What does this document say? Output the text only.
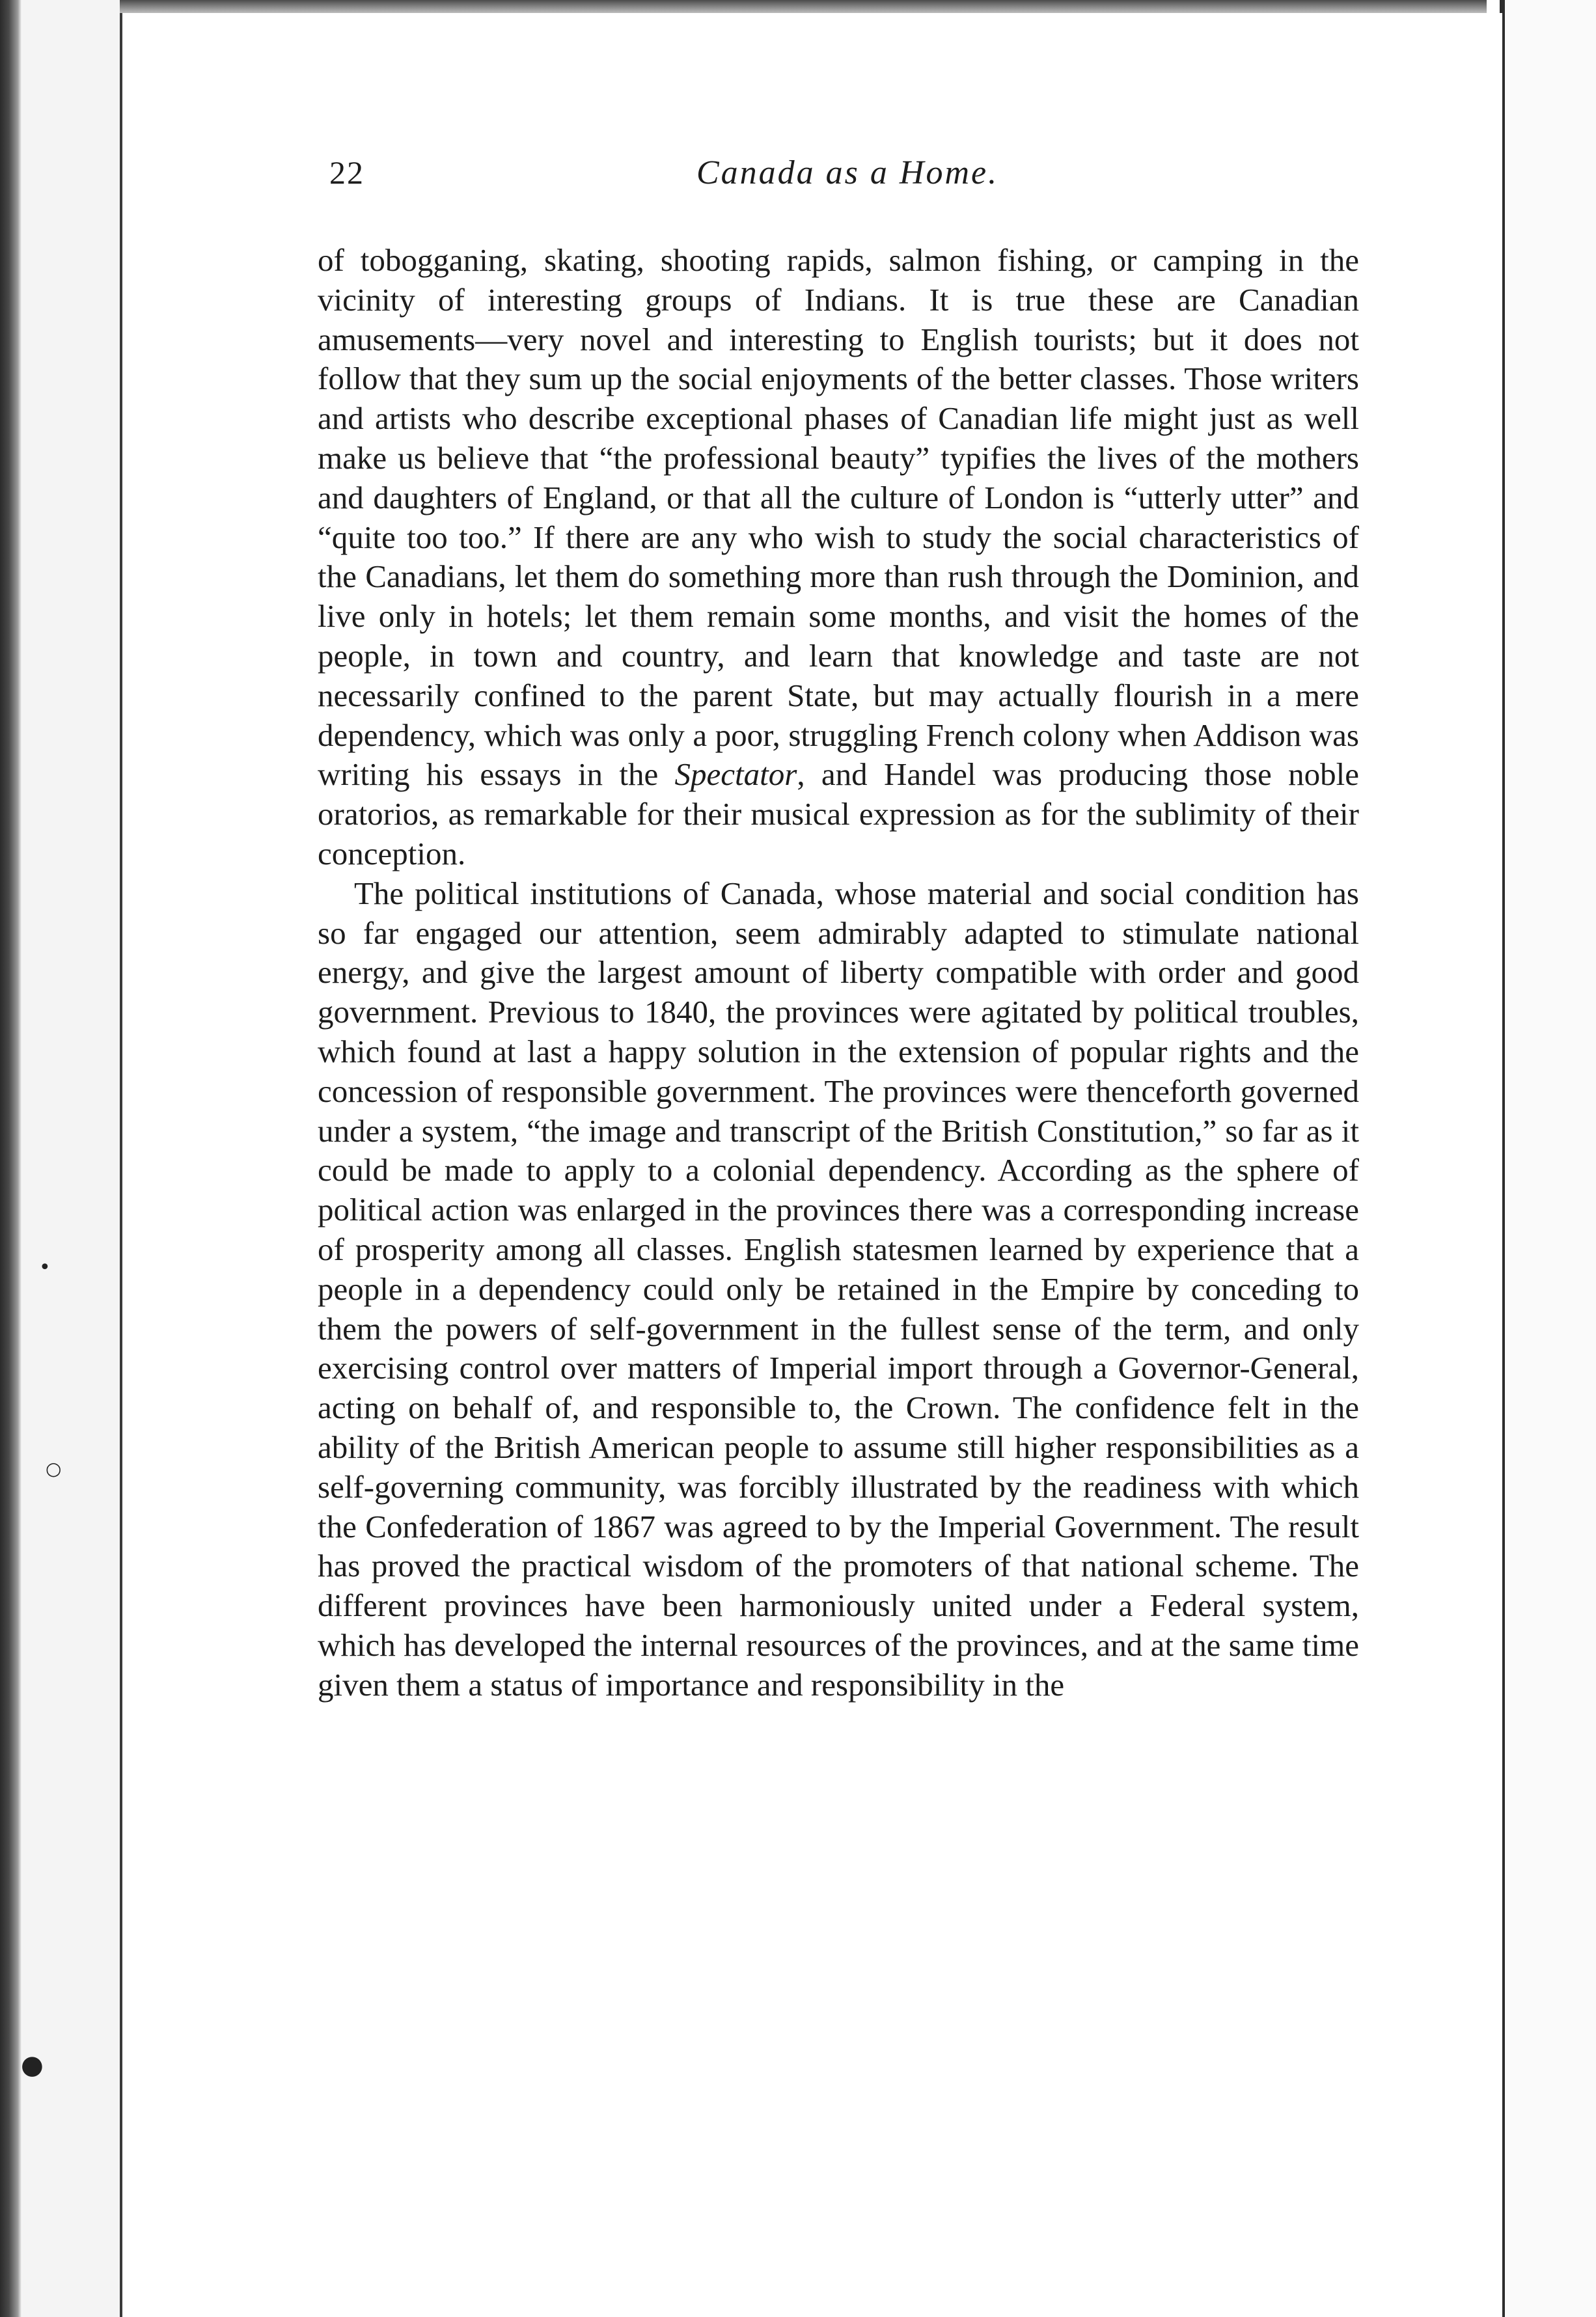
•
○
●
22	Canada as a Home.

of tobogganing, skating, shooting rapids, salmon fishing, or camping in the vicinity of interesting groups of Indians. It is true these are Canadian amusements—very novel and interesting to English tourists; but it does not follow that they sum up the social enjoyments of the better classes. Those writers and artists who describe exceptional phases of Canadian life might just as well make us believe that “the professional beauty” typifies the lives of the mothers and daughters of England, or that all the culture of London is “utterly utter” and “quite too too.” If there are any who wish to study the social characteristics of the Canadians, let them do something more than rush through the Dominion, and live only in hotels; let them remain some months, and visit the homes of the people, in town and country, and learn that knowledge and taste are not necessarily confined to the parent State, but may actually flourish in a mere dependency, which was only a poor, struggling French colony when Addison was writing his essays in the Spectator, and Handel was producing those noble oratorios, as remarkable for their musical expression as for the sublimity of their conception.

The political institutions of Canada, whose material and social condition has so far engaged our attention, seem admirably adapted to stimulate national energy, and give the largest amount of liberty compatible with order and good government. Previous to 1840, the provinces were agitated by political troubles, which found at last a happy solution in the extension of popular rights and the concession of responsible government. The provinces were thenceforth governed under a system, “the image and transcript of the British Constitution,” so far as it could be made to apply to a colonial dependency. According as the sphere of political action was enlarged in the provinces there was a corresponding increase of prosperity among all classes. English statesmen learned by experience that a people in a dependency could only be retained in the Empire by conceding to them the powers of self-government in the fullest sense of the term, and only exercising control over matters of Imperial import through a Governor-General, acting on behalf of, and responsible to, the Crown. The confidence felt in the ability of the British American people to assume still higher responsibilities as a self-governing community, was forcibly illustrated by the readiness with which the Confederation of 1867 was agreed to by the Imperial Government. The result has proved the practical wisdom of the promoters of that national scheme. The different provinces have been harmoniously united under a Federal system, which has developed the internal resources of the provinces, and at the same time given them a status of importance and responsibility in the
